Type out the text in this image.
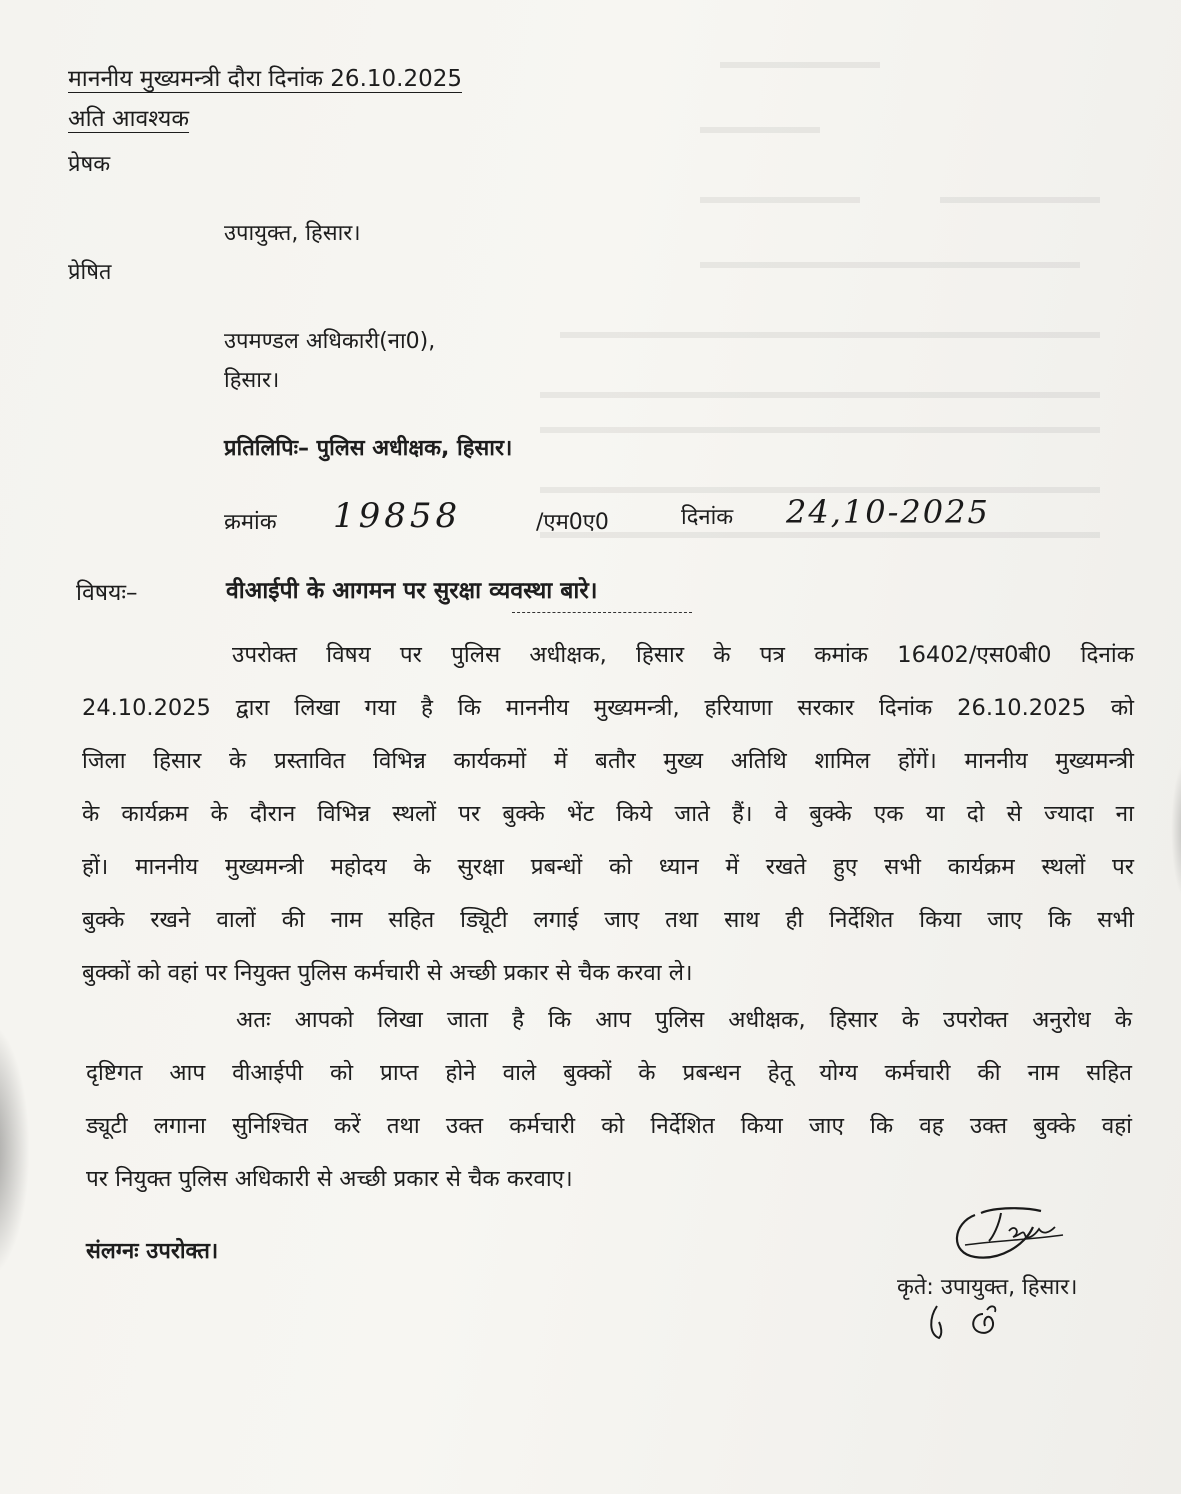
माननीय मुख्यमन्त्री दौरा दिनांक 26.10.2025
अति आवश्यक
प्रेषक
उपायुक्त, हिसार।
प्रेषित
उपमण्डल अधिकारी(ना0),
हिसार।
प्रतिलिपिः– पुलिस अधीक्षक, हिसार।
क्रमांक 19858	/एम0ए0	दिनांक 24,10-2025
विषयः–	वीआईपी के आगमन पर सुरक्षा व्यवस्था बारे।
उपरोक्त विषय पर पुलिस अधीक्षक, हिसार के पत्र कमांक 16402/एस0बी0 दिनांक
24.10.2025 द्वारा लिखा गया है कि माननीय मुख्यमन्त्री, हरियाणा सरकार दिनांक 26.10.2025 को
जिला हिसार के प्रस्तावित विभिन्न कार्यकमों में बतौर मुख्य अतिथि शामिल होंगें। माननीय मुख्यमन्त्री
के कार्यक्रम के दौरान विभिन्न स्थलों पर बुक्के भेंट किये जाते हैं। वे बुक्के एक या दो से ज्यादा ना
हों। माननीय मुख्यमन्त्री महोदय के सुरक्षा प्रबन्धों को ध्यान में रखते हुए सभी कार्यक्रम स्थलों पर
बुक्के रखने वालों की नाम सहित ड्यिूटी लगाई जाए तथा साथ ही निर्देशित किया जाए कि सभी
बुक्कों को वहां पर नियुक्त पुलिस कर्मचारी से अच्छी प्रकार से चैक करवा ले।
अतः आपको लिखा जाता है कि आप पुलिस अधीक्षक, हिसार के उपरोक्त अनुरोध के
दृष्टिगत आप वीआईपी को प्राप्त होने वाले बुक्कों के प्रबन्धन हेतू योग्य कर्मचारी की नाम सहित
ड्यूटी लगाना सुनिश्चित करें तथा उक्त कर्मचारी को निर्देशित किया जाए कि वह उक्त बुक्के वहां
पर नियुक्त पुलिस अधिकारी से अच्छी प्रकार से चैक करवाए।
संलग्नः उपरोक्त।
कृते: उपायुक्त, हिसार।
